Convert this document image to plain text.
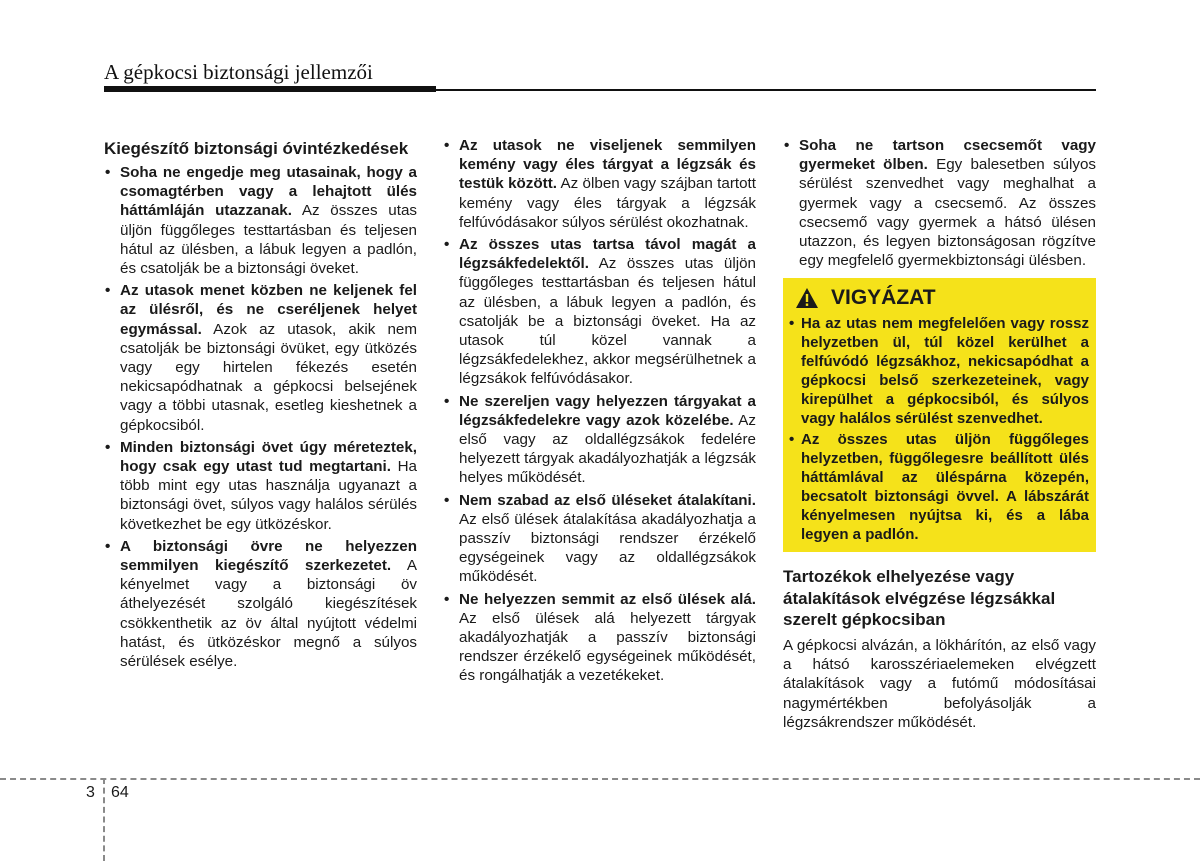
A gépkocsi biztonsági jellemzői
Kiegészítő biztonsági óvintézkedések
• Soha ne engedje meg utasainak, hogy a csomagtérben vagy a lehajtott ülés háttámláján utazzanak. Az összes utas üljön függőleges testtartásban és teljesen hátul az ülésben, a lábuk legyen a padlón, és csatolják be a biztonsági öveket.
• Az utasok menet közben ne keljenek fel az ülésről, és ne cseréljenek helyet egymással. Azok az utasok, akik nem csatolják be biztonsági övüket, egy ütközés vagy egy hirtelen fékezés esetén nekicsapódhatnak a gépkocsi belsejének vagy a többi utasnak, esetleg kieshetnek a gépkocsiból.
• Minden biztonsági övet úgy méreteztek, hogy csak egy utast tud megtartani. Ha több mint egy utas használja ugyanazt a biztonsági övet, súlyos vagy halálos sérülés következhet be egy ütközéskor.
• A biztonsági övre ne helyezzen semmilyen kiegészítő szerkezetet. A kényelmet vagy a biztonsági öv áthelyezését szolgáló kiegészítések csökkenthetik az öv által nyújtott védelmi hatást, és ütközéskor megnő a súlyos sérülések esélye.
• Az utasok ne viseljenek semmilyen kemény vagy éles tárgyat a légzsák és testük között. Az ölben vagy szájban tartott kemény vagy éles tárgyak a légzsák felfúvódásakor súlyos sérülést okozhatnak.
• Az összes utas tartsa távol magát a légzsákfedelektől. Az összes utas üljön függőleges testtartásban és teljesen hátul az ülésben, a lábuk legyen a padlón, és csatolják be a biztonsági öveket. Ha az utasok túl közel vannak a légzsákfedelekhez, akkor megsérülhetnek a légzsákok felfúvódásakor.
• Ne szereljen vagy helyezzen tárgyakat a légzsákfedelekre vagy azok közelébe. Az első vagy az oldallégzsákok fedelére helyezett tárgyak akadályozhatják a légzsák helyes működését.
• Nem szabad az első üléseket átalakítani. Az első ülések átalakítása akadályozhatja a passzív biztonsági rendszer érzékelő egységeinek vagy az oldallégzsákok működését.
• Ne helyezzen semmit az első ülések alá. Az első ülések alá helyezett tárgyak akadályozhatják a passzív biztonsági rendszer érzékelő egységeinek működését, és rongálhatják a vezetékeket.
• Soha ne tartson csecsemőt vagy gyermeket ölben. Egy balesetben súlyos sérülést szenvedhet vagy meghalhat a gyermek vagy a csecsemő. Az összes csecsemő vagy gyermek a hátsó ülésen utazzon, és legyen biztonságosan rögzítve egy megfelelő gyermekbiztonsági ülésben.
VIGYÁZAT
• Ha az utas nem megfelelően vagy rossz helyzetben ül, túl közel kerülhet a felfúvódó légzsákhoz, nekicsapódhat a gépkocsi belső szerkezeteinek, vagy kirepülhet a gépkocsiból, és súlyos vagy halálos sérülést szenvedhet.
• Az összes utas üljön függőleges helyzetben, függőlegesre beállított ülés háttámlával az üléspárna közepén, becsatolt biztonsági övvel. A lábszárát kényelmesen nyújtsa ki, és a lába legyen a padlón.
Tartozékok elhelyezése vagy átalakítások elvégzése légzsákkal szerelt gépkocsiban
A gépkocsi alvázán, a lökhárítón, az első vagy a hátsó karosszériaelemeken elvégzett átalakítások vagy a futómű módosításai nagymértékben befolyásolják a légzsákrendszer működését.
3 64
